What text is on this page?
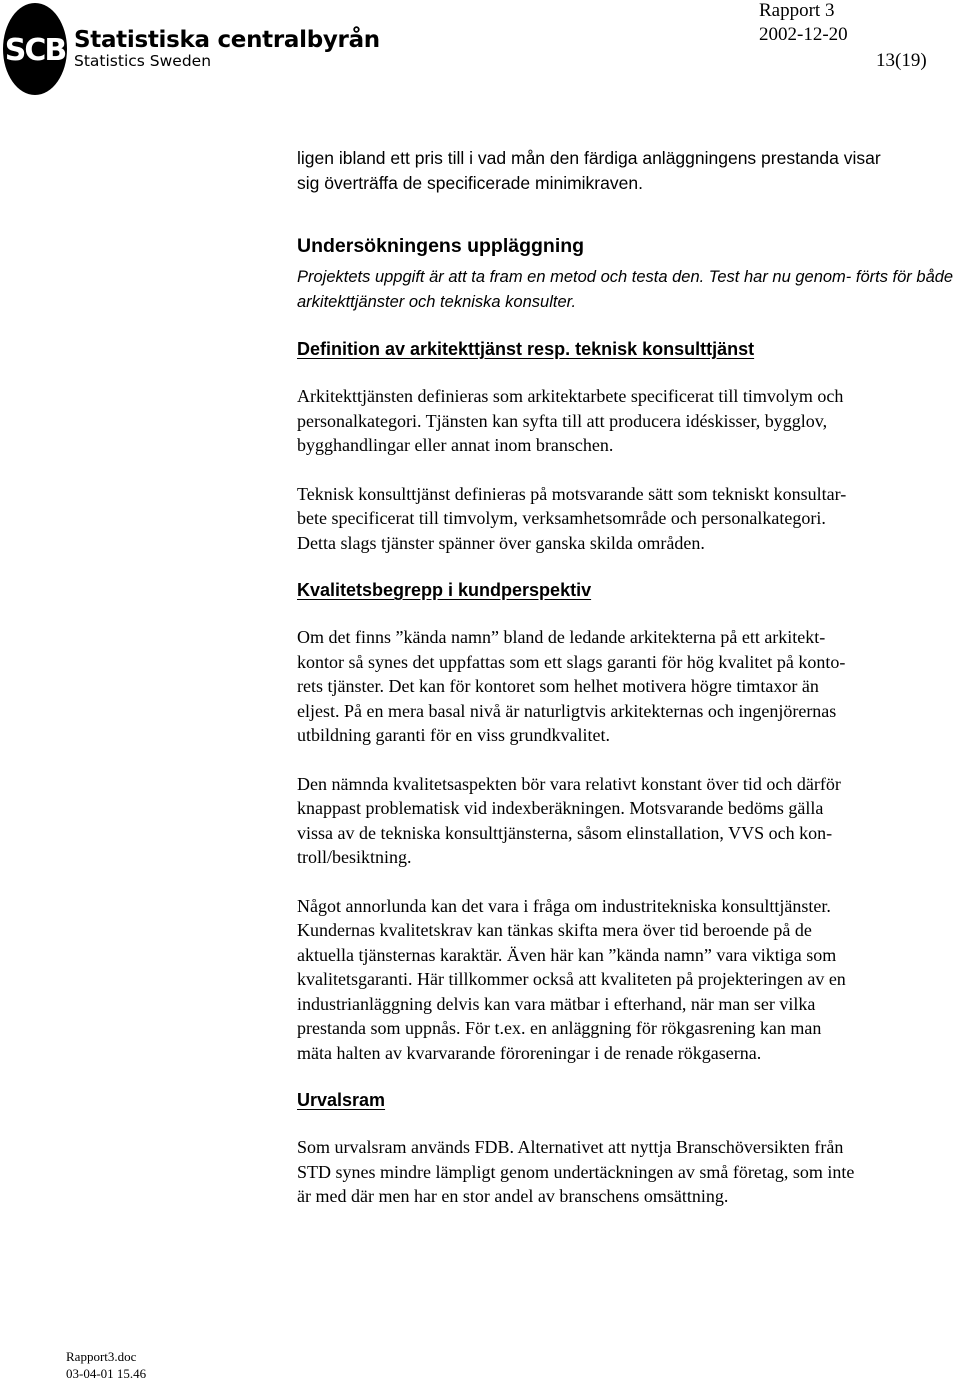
SCB Statistiska centralbyrån
Statistics Sweden
Rapport 3
2002-12-20
13(19)

ligen ibland ett pris till i vad mån den färdiga anläggningens prestanda visar
sig överträffa de specificerade minimikraven.

Undersökningens uppläggning

Projektets uppgift är att ta fram en metod och testa den. Test har nu genom- förts för både arkitekttjänster och tekniska konsulter.

Definition av arkitekttjänst resp. teknisk konsulttjänst

Arkitekttjänsten definieras som arkitektarbete specificerat till timvolym och
personalkategori. Tjänsten kan syfta till att producera idéskisser, bygglov,
bygghandlingar eller annat inom branschen.

Teknisk konsulttjänst definieras på motsvarande sätt som tekniskt konsultar-
bete specificerat till timvolym, verksamhetsområde och personalkategori.
Detta slags tjänster spänner över ganska skilda områden.

Kvalitetsbegrepp i kundperspektiv

Om det finns ”kända namn” bland de ledande arkitekterna på ett arkitekt-
kontor så synes det uppfattas som ett slags garanti för hög kvalitet på konto-
rets tjänster. Det kan för kontoret som helhet motivera högre timtaxor än
eljest. På en mera basal nivå är naturligtvis arkitekternas och ingenjörernas
utbildning garanti för en viss grundkvalitet.

Den nämnda kvalitetsaspekten bör vara relativt konstant över tid och därför
knappast problematisk vid indexberäkningen. Motsvarande bedöms gälla
vissa av de tekniska konsulttjänsterna, såsom elinstallation, VVS och kon-
troll/besiktning.

Något annorlunda kan det vara i fråga om industritekniska konsulttjänster.
Kundernas kvalitetskrav kan tänkas skifta mera över tid beroende på de
aktuella tjänsternas karaktär. Även här kan ”kända namn” vara viktiga som
kvalitetsgaranti. Här tillkommer också att kvaliteten på projekteringen av en
industrianläggning delvis kan vara mätbar i efterhand, när man ser vilka
prestanda som uppnås. För t.ex. en anläggning för rökgasrening kan man
mäta halten av kvarvarande föroreningar i de renade rökgaserna.

Urvalsram

Som urvalsram används FDB. Alternativet att nyttja Branschöversikten från
STD synes mindre lämpligt genom undertäckningen av små företag, som inte
är med där men har en stor andel av branschens omsättning.

Rapport3.doc
03-04-01 15.46
